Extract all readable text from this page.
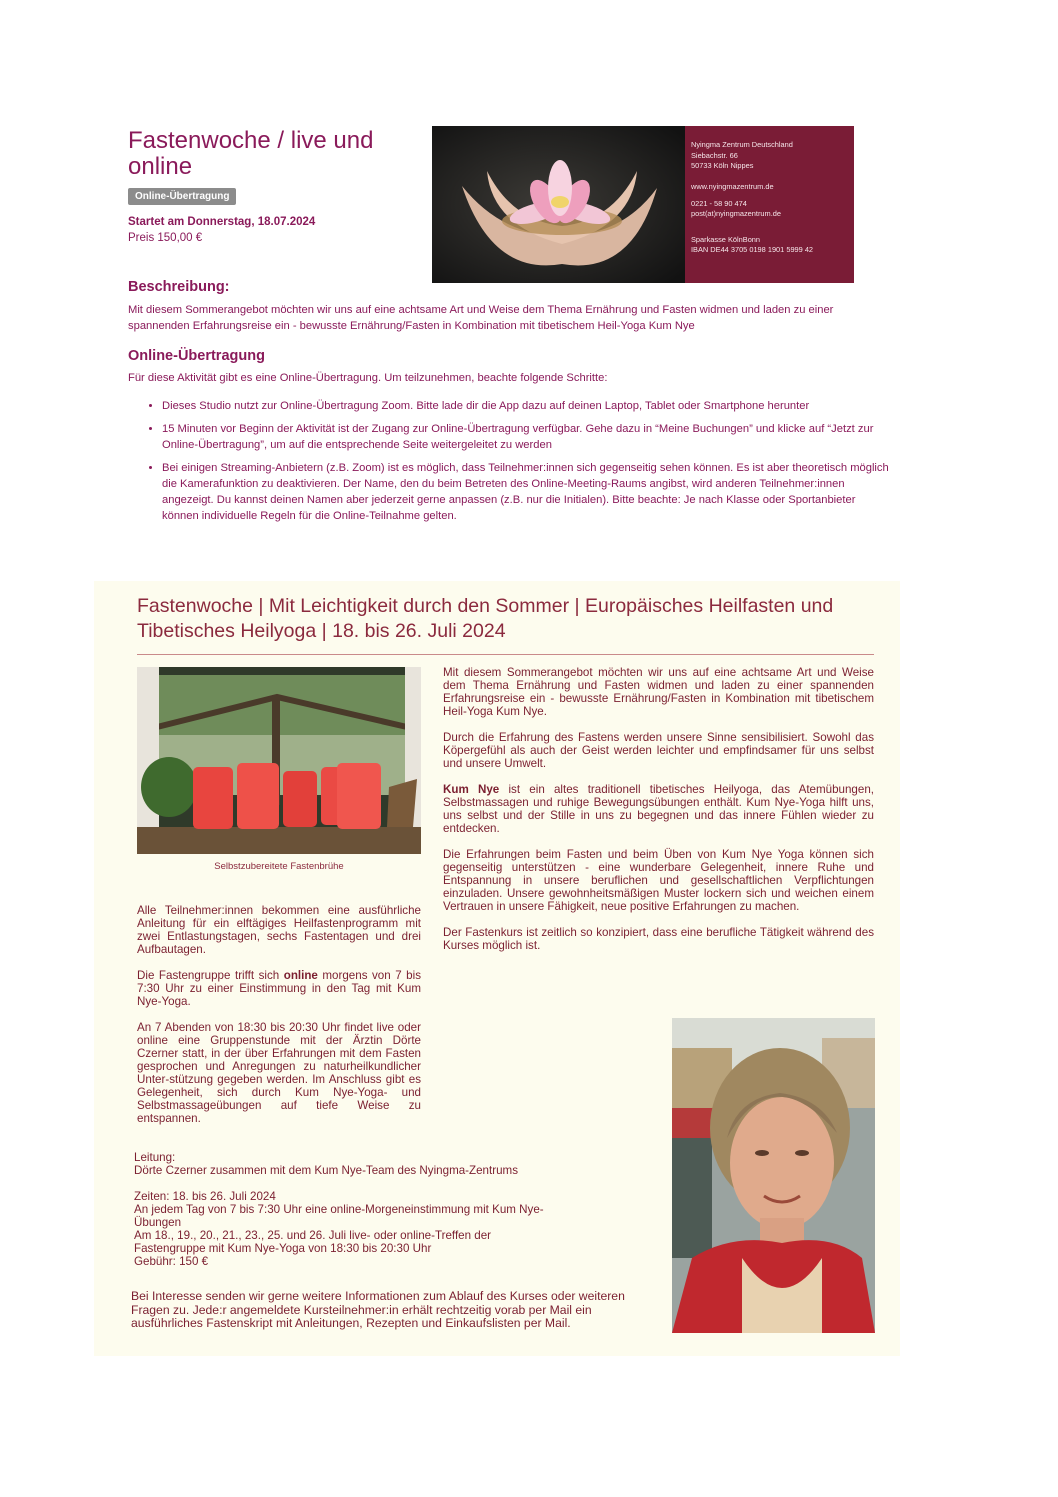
Fastenwoche / live und online
Online-Übertragung
Startet am Donnerstag, 18.07.2024
Preis 150,00 €
Nyingma Zentrum Deutschland
Siebachstr. 66
50733 Köln Nippes
www.nyingmazentrum.de
0221 - 58 90 474
post(at)nyingmazentrum.de
Sparkasse KölnBonn
IBAN DE44 3705 0198 1901 5999 42
Beschreibung:
Mit diesem Sommerangebot möchten wir uns auf eine achtsame Art und Weise dem Thema Ernährung und Fasten widmen und laden zu einer spannenden Erfahrungsreise ein - bewusste Ernährung/Fasten in Kombination mit tibetischem Heil-Yoga Kum Nye
Online-Übertragung
Für diese Aktivität gibt es eine Online-Übertragung. Um teilzunehmen, beachte folgende Schritte:
• Dieses Studio nutzt zur Online-Übertragung Zoom. Bitte lade dir die App dazu auf deinen Laptop, Tablet oder Smartphone herunter
• 15 Minuten vor Beginn der Aktivität ist der Zugang zur Online-Übertragung verfügbar. Gehe dazu in “Meine Buchungen” und klicke auf “Jetzt zur Online-Übertragung”, um auf die entsprechende Seite weitergeleitet zu werden
• Bei einigen Streaming-Anbietern (z.B. Zoom) ist es möglich, dass Teilnehmer:innen sich gegenseitig sehen können. Es ist aber theoretisch möglich die Kamerafunktion zu deaktivieren. Der Name, den du beim Betreten des Online-Meeting-Raums angibst, wird anderen Teilnehmer:innen angezeigt. Du kannst deinen Namen aber jederzeit gerne anpassen (z.B. nur die Initialen). Bitte beachte: Je nach Klasse oder Sportanbieter können individuelle Regeln für die Online-Teilnahme gelten.
Fastenwoche | Mit Leichtigkeit durch den Sommer | Europäisches Heilfasten und Tibetisches Heilyoga | 18. bis 26. Juli 2024
Selbstzubereitete Fastenbrühe

Mit diesem Sommerangebot möchten wir uns auf eine achtsame Art und Weise dem Thema Ernährung und Fasten widmen und laden zu einer spannenden Erfahrungsreise ein - bewusste Ernährung/Fasten in Kombination mit tibetischem Heil-Yoga Kum Nye.

Durch die Erfahrung des Fastens werden unsere Sinne sensibilisiert. Sowohl das Köpergefühl als auch der Geist werden leichter und empfindsamer für uns selbst und unsere Umwelt.

Kum Nye ist ein altes traditionell tibetisches Heilyoga, das Atemübungen, Selbstmassagen und ruhige Bewegungsübungen enthält. Kum Nye-Yoga hilft uns, uns selbst und der Stille in uns zu begegnen und das innere Fühlen wieder zu entdecken.

Die Erfahrungen beim Fasten und beim Üben von Kum Nye Yoga können sich gegenseitig unterstützen - eine wunderbare Gelegenheit, innere Ruhe und Entspannung in unsere beruflichen und gesellschaftlichen Verpflichtungen einzuladen. Unsere gewohnheitsmäßigen Muster lockern sich und weichen einem Vertrauen in unsere Fähigkeit, neue positive Erfahrungen zu machen.

Der Fastenkurs ist zeitlich so konzipiert, dass eine berufliche Tätigkeit während des Kurses möglich ist.

Alle Teilnehmer:innen bekommen eine ausführliche Anleitung für ein elftägiges Heilfastenprogramm mit zwei Entlastungstagen, sechs Fastentagen und drei Aufbautagen.

Die Fastengruppe trifft sich online morgens von 7 bis 7:30 Uhr zu einer Einstimmung in den Tag mit Kum Nye-Yoga.

An 7 Abenden von 18:30 bis 20:30 Uhr findet live oder online eine Gruppenstunde mit der Ärztin Dörte Czerner statt, in der über Erfahrungen mit dem Fasten gesprochen und Anregungen zu naturheilkundlicher Unter-stützung gegeben werden. Im Anschluss gibt es Gelegenheit, sich durch Kum Nye-Yoga- und Selbstmassageübungen auf tiefe Weise zu entspannen.

Leitung:
Dörte Czerner zusammen mit dem Kum Nye-Team des Nyingma-Zentrums

Zeiten: 18. bis 26. Juli 2024
An jedem Tag von 7 bis 7:30 Uhr eine online-Morgeneinstimmung mit Kum Nye-Übungen
Am 18., 19., 20., 21., 23., 25. und 26. Juli live- oder online-Treffen der Fastengruppe mit Kum Nye-Yoga von 18:30 bis 20:30 Uhr
Gebühr: 150 €

Bei Interesse senden wir gerne weitere Informationen zum Ablauf des Kurses oder weiteren Fragen zu. Jede:r angemeldete Kursteilnehmer:in erhält rechtzeitig vorab per Mail ein ausführliches Fastenskript mit Anleitungen, Rezepten und Einkaufslisten per Mail.
